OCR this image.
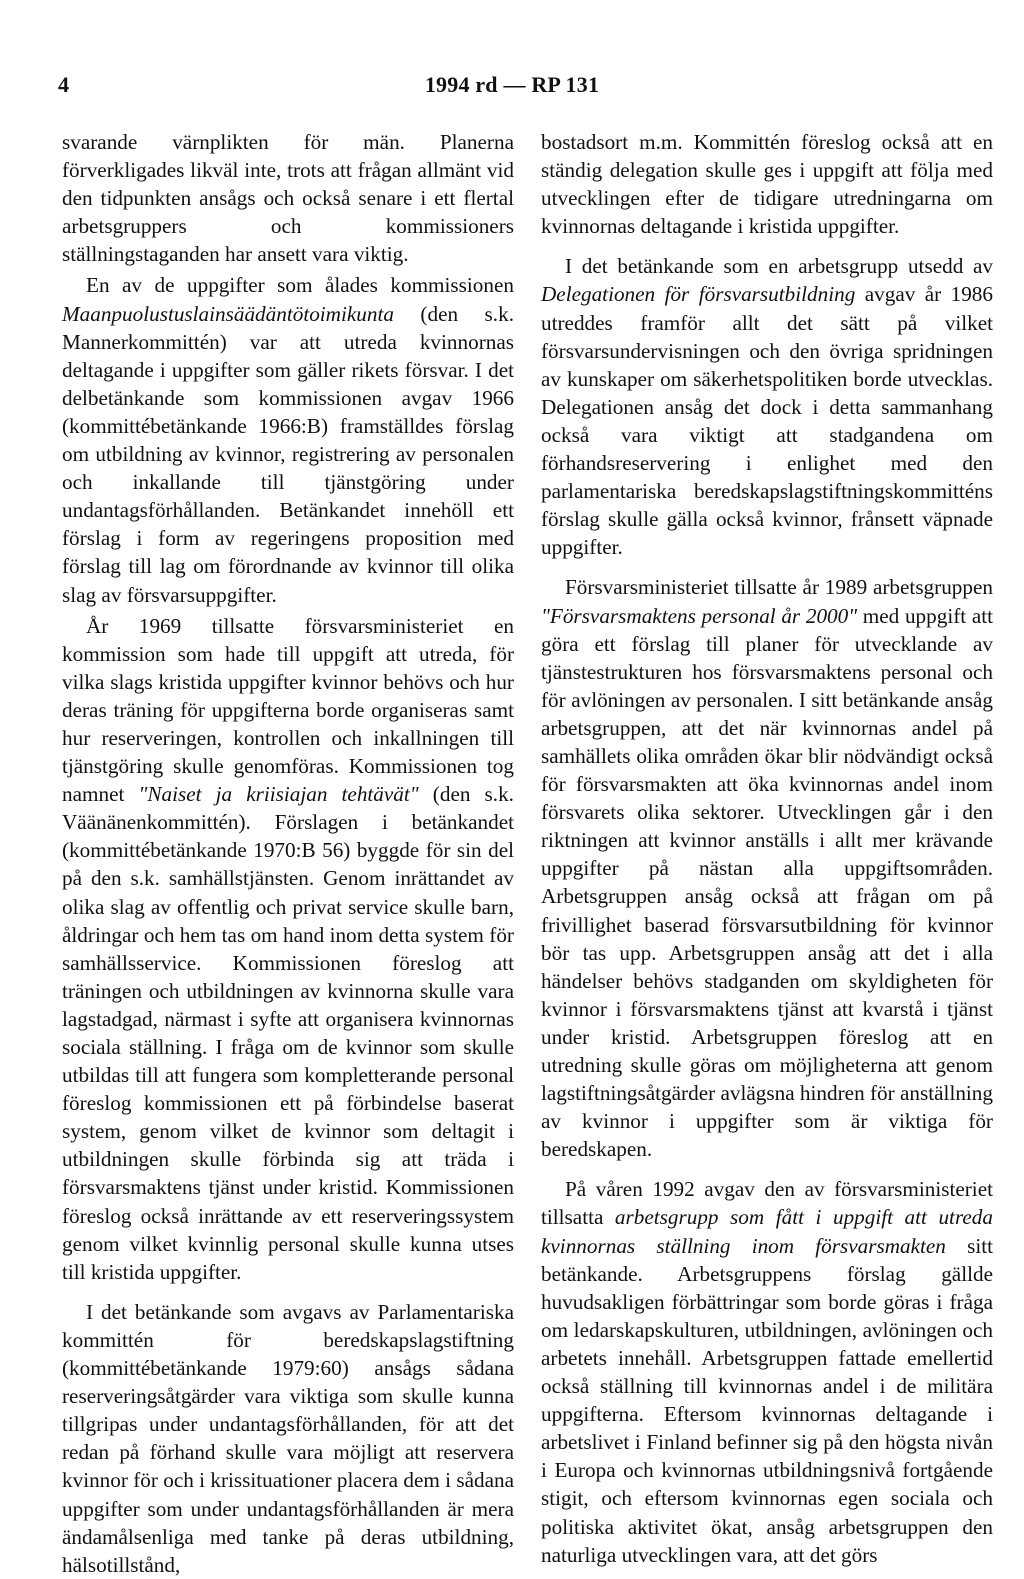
4	1994 rd — RP 131

svarande värnplikten för män. Planerna förverkligades likväl inte, trots att frågan allmänt vid den tidpunkten ansågs och också senare i ett flertal arbetsgruppers och kommissioners ställningstaganden har ansett vara viktig.

En av de uppgifter som ålades kommissionen Maanpuolustuslainsäädäntötoimikunta (den s.k. Mannerkommittén) var att utreda kvinnornas deltagande i uppgifter som gäller rikets försvar. I det delbetänkande som kommissionen avgav 1966 (kommittébetänkande 1966:B) framställdes förslag om utbildning av kvinnor, registrering av personalen och inkallande till tjänstgöring under undantagsförhållanden. Betänkandet innehöll ett förslag i form av regeringens proposition med förslag till lag om förordnande av kvinnor till olika slag av försvarsuppgifter.

År 1969 tillsatte försvarsministeriet en kommission som hade till uppgift att utreda, för vilka slags kristida uppgifter kvinnor behövs och hur deras träning för uppgifterna borde organiseras samt hur reserveringen, kontrollen och inkallningen till tjänstgöring skulle genomföras. Kommissionen tog namnet "Naiset ja kriisiajan tehtävät" (den s.k. Väänänenkommittén). Förslagen i betänkandet (kommittébetänkande 1970:B 56) byggde för sin del på den s.k. samhällstjänsten. Genom inrättandet av olika slag av offentlig och privat service skulle barn, åldringar och hem tas om hand inom detta system för samhällsservice. Kommissionen föreslog att träningen och utbildningen av kvinnorna skulle vara lagstadgad, närmast i syfte att organisera kvinnornas sociala ställning. I fråga om de kvinnor som skulle utbildas till att fungera som kompletterande personal föreslog kommissionen ett på förbindelse baserat system, genom vilket de kvinnor som deltagit i utbildningen skulle förbinda sig att träda i försvarsmaktens tjänst under kristid. Kommissionen föreslog också inrättande av ett reserveringssystem genom vilket kvinnlig personal skulle kunna utses till kristida uppgifter.

I det betänkande som avgavs av Parlamentariska kommittén för beredskapslagstiftning (kommittébetänkande 1979:60) ansågs sådana reserveringsåtgärder vara viktiga som skulle kunna tillgripas under undantagsförhållanden, för att det redan på förhand skulle vara möjligt att reservera kvinnor för och i krissituationer placera dem i sådana uppgifter som under undantagsförhållanden är mera ändamålsenliga med tanke på deras utbildning, hälsotillstånd,

bostadsort m.m. Kommittén föreslog också att en ständig delegation skulle ges i uppgift att följa med utvecklingen efter de tidigare utredningarna om kvinnornas deltagande i kristida uppgifter.

I det betänkande som en arbetsgrupp utsedd av Delegationen för försvarsutbildning avgav år 1986 utreddes framför allt det sätt på vilket försvarsundervisningen och den övriga spridningen av kunskaper om säkerhetspolitiken borde utvecklas. Delegationen ansåg det dock i detta sammanhang också vara viktigt att stadgandena om förhandsreservering i enlighet med den parlamentariska beredskapslagstiftningskommitténs förslag skulle gälla också kvinnor, frånsett väpnade uppgifter.

Försvarsministeriet tillsatte år 1989 arbetsgruppen "Försvarsmaktens personal år 2000" med uppgift att göra ett förslag till planer för utvecklande av tjänstestrukturen hos försvarsmaktens personal och för avlöningen av personalen. I sitt betänkande ansåg arbetsgruppen, att det när kvinnornas andel på samhällets olika områden ökar blir nödvändigt också för försvarsmakten att öka kvinnornas andel inom försvarets olika sektorer. Utvecklingen går i den riktningen att kvinnor anställs i allt mer krävande uppgifter på nästan alla uppgiftsområden. Arbetsgruppen ansåg också att frågan om på frivillighet baserad försvarsutbildning för kvinnor bör tas upp. Arbetsgruppen ansåg att det i alla händelser behövs stadganden om skyldigheten för kvinnor i försvarsmaktens tjänst att kvarstå i tjänst under kristid. Arbetsgruppen föreslog att en utredning skulle göras om möjligheterna att genom lagstiftningsåtgärder avlägsna hindren för anställning av kvinnor i uppgifter som är viktiga för beredskapen.

På våren 1992 avgav den av försvarsministeriet tillsatta arbetsgrupp som fått i uppgift att utreda kvinnornas ställning inom försvarsmakten sitt betänkande. Arbetsgruppens förslag gällde huvudsakligen förbättringar som borde göras i fråga om ledarskapskulturen, utbildningen, avlöningen och arbetets innehåll. Arbetsgruppen fattade emellertid också ställning till kvinnornas andel i de militära uppgifterna. Eftersom kvinnornas deltagande i arbetslivet i Finland befinner sig på den högsta nivån i Europa och kvinnornas utbildningsnivå fortgående stigit, och eftersom kvinnornas egen sociala och politiska aktivitet ökat, ansåg arbetsgruppen den naturliga utvecklingen vara, att det görs
